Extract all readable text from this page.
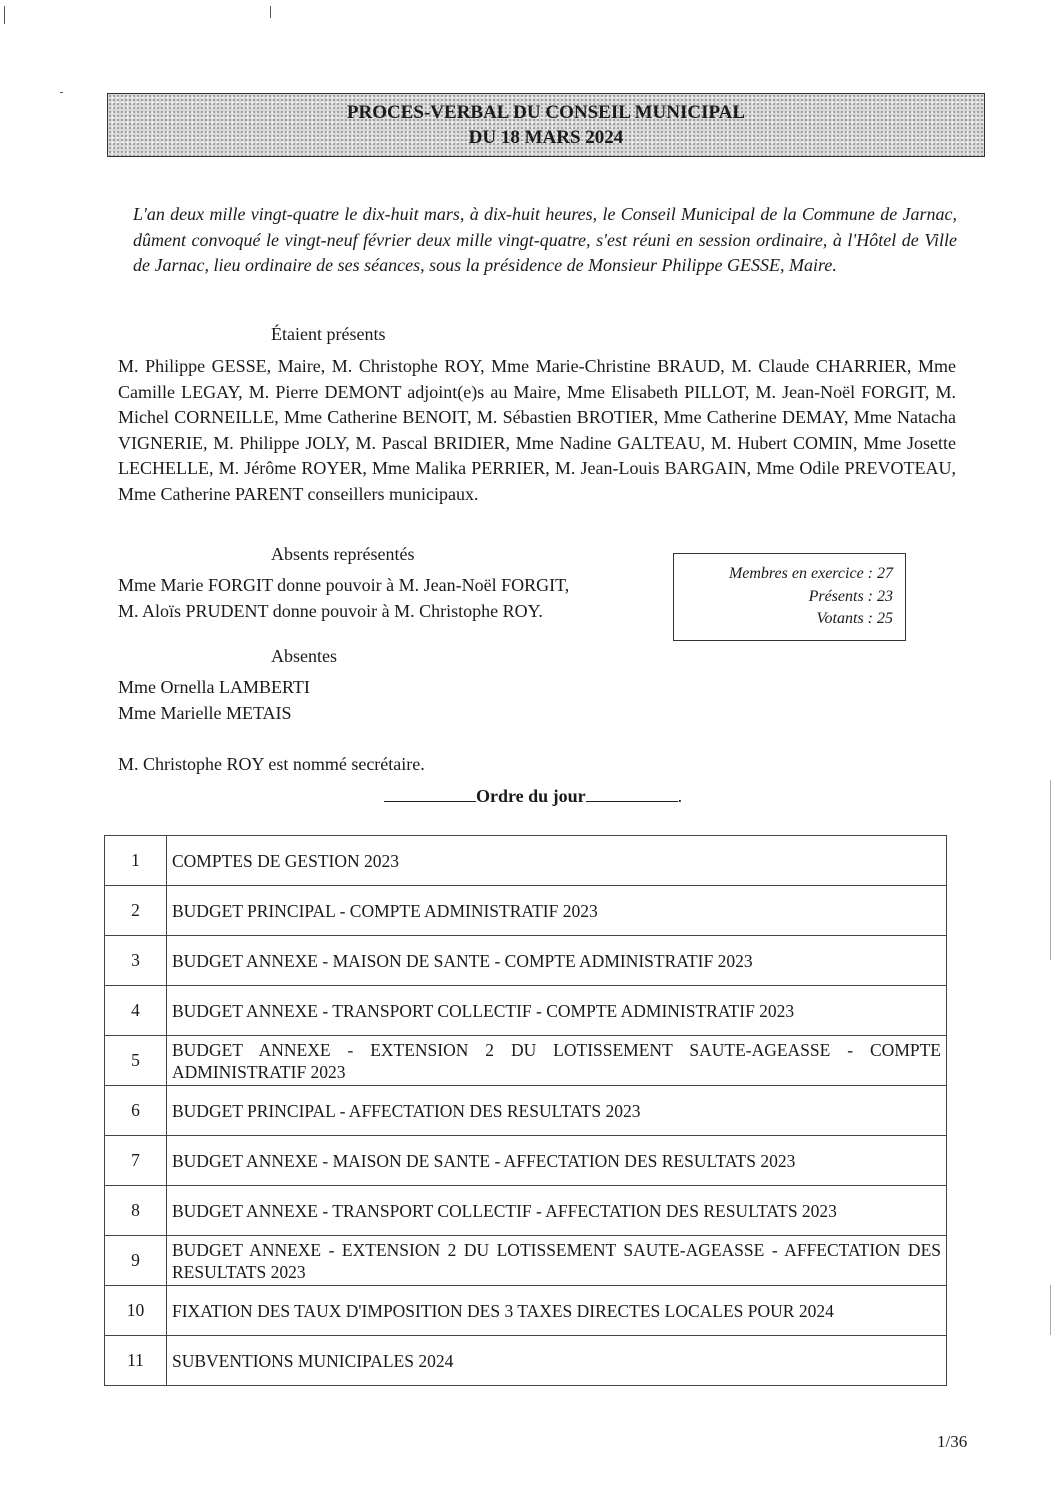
PROCES-VERBAL DU CONSEIL MUNICIPAL
DU 18 MARS 2024
L'an deux mille vingt-quatre le dix-huit mars, à dix-huit heures, le Conseil Municipal de la Commune de Jarnac, dûment convoqué le vingt-neuf février deux mille vingt-quatre, s'est réuni en session ordinaire, à l'Hôtel de Ville de Jarnac, lieu ordinaire de ses séances, sous la présidence de Monsieur Philippe GESSE, Maire.
Étaient présents
M. Philippe GESSE, Maire, M. Christophe ROY, Mme Marie-Christine BRAUD, M. Claude CHARRIER, Mme Camille LEGAY, M. Pierre DEMONT adjoint(e)s au Maire, Mme Elisabeth PILLOT, M. Jean-Noël FORGIT, M. Michel CORNEILLE, Mme Catherine BENOIT, M. Sébastien BROTIER, Mme Catherine DEMAY, Mme Natacha VIGNERIE, M. Philippe JOLY, M. Pascal BRIDIER, Mme Nadine GALTEAU, M. Hubert COMIN, Mme Josette LECHELLE, M. Jérôme ROYER, Mme Malika PERRIER, M. Jean-Louis BARGAIN, Mme Odile PREVOTEAU, Mme Catherine PARENT conseillers municipaux.
Absents représentés
Mme Marie FORGIT donne pouvoir à M. Jean-Noël FORGIT,
M. Aloïs PRUDENT donne pouvoir à M. Christophe ROY.
Membres en exercice : 27
Présents : 23
Votants : 25
Absentes
Mme Ornella LAMBERTI
Mme Marielle METAIS
M. Christophe ROY est nommé secrétaire.
Ordre du jour	.
1	COMPTES DE GESTION 2023
2	BUDGET PRINCIPAL - COMPTE ADMINISTRATIF 2023
3	BUDGET ANNEXE - MAISON DE SANTE - COMPTE ADMINISTRATIF 2023
4	BUDGET ANNEXE - TRANSPORT COLLECTIF - COMPTE ADMINISTRATIF 2023
5	BUDGET ANNEXE - EXTENSION 2 DU LOTISSEMENT SAUTE-AGEASSE - COMPTE ADMINISTRATIF 2023
6	BUDGET PRINCIPAL - AFFECTATION DES RESULTATS 2023
7	BUDGET ANNEXE - MAISON DE SANTE - AFFECTATION DES RESULTATS 2023
8	BUDGET ANNEXE - TRANSPORT COLLECTIF - AFFECTATION DES RESULTATS 2023
9	BUDGET ANNEXE - EXTENSION 2 DU LOTISSEMENT SAUTE-AGEASSE - AFFECTATION DES RESULTATS 2023
10	FIXATION DES TAUX D'IMPOSITION DES 3 TAXES DIRECTES LOCALES POUR 2024
11	SUBVENTIONS MUNICIPALES 2024
1/36
